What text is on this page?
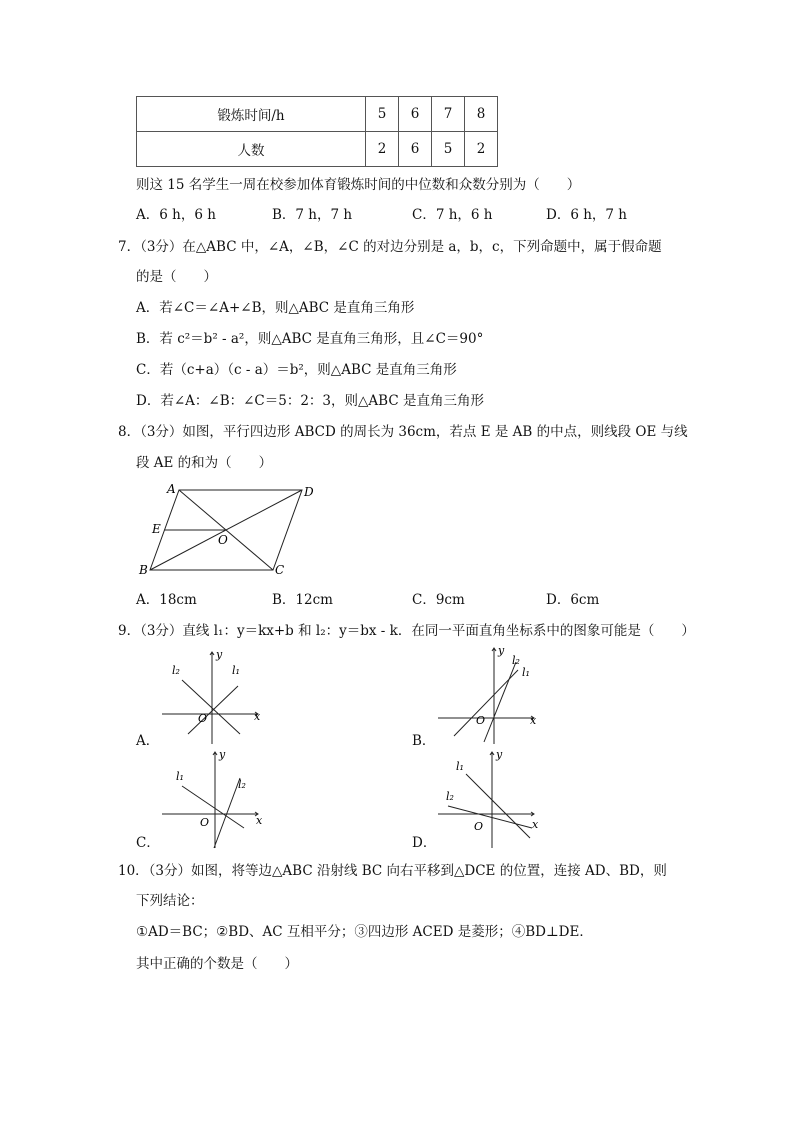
锻炼时间/h	5	6	7	8
人数	2	6	5	2
则这 15 名学生一周在校参加体育锻炼时间的中位数和众数分别为（　　）
A．6 h，6 h	B．7 h，7 h	C．7 h，6 h	D．6 h，7 h
7．（3分）在△ABC 中，∠A，∠B，∠C 的对边分别是 a，b，c，下列命题中，属于假命题
的是（　　）
A．若∠C＝∠A+∠B，则△ABC 是直角三角形
B．若 c²＝b² - a²，则△ABC 是直角三角形，且∠C＝90°
C．若（c+a）（c - a）＝b²，则△ABC 是直角三角形
D．若∠A：∠B：∠C＝5：2：3，则△ABC 是直角三角形
8．（3分）如图，平行四边形 ABCD 的周长为 36cm，若点 E 是 AB 的中点，则线段 OE 与线
段 AE 的和为（　　）
A	D
E
O
B	C
A．18cm	B．12cm	C．9cm	D．6cm
9．（3分）直线 l₁：y＝kx+b 和 l₂：y＝bx - k．在同一平面直角坐标系中的图象可能是（　　）
A．
y
x
O
l₂	l₁
B．
y
x
O
l₂
l₁
C．
y
x
O
l₁
l₂
D．
y
x
O
l₁
l₂
10．（3分）如图，将等边△ABC 沿射线 BC 向右平移到△DCE 的位置，连接 AD、BD，则
下列结论：
①AD＝BC；②BD、AC 互相平分；③四边形 ACED 是菱形；④BD⊥DE．
其中正确的个数是（　　）
